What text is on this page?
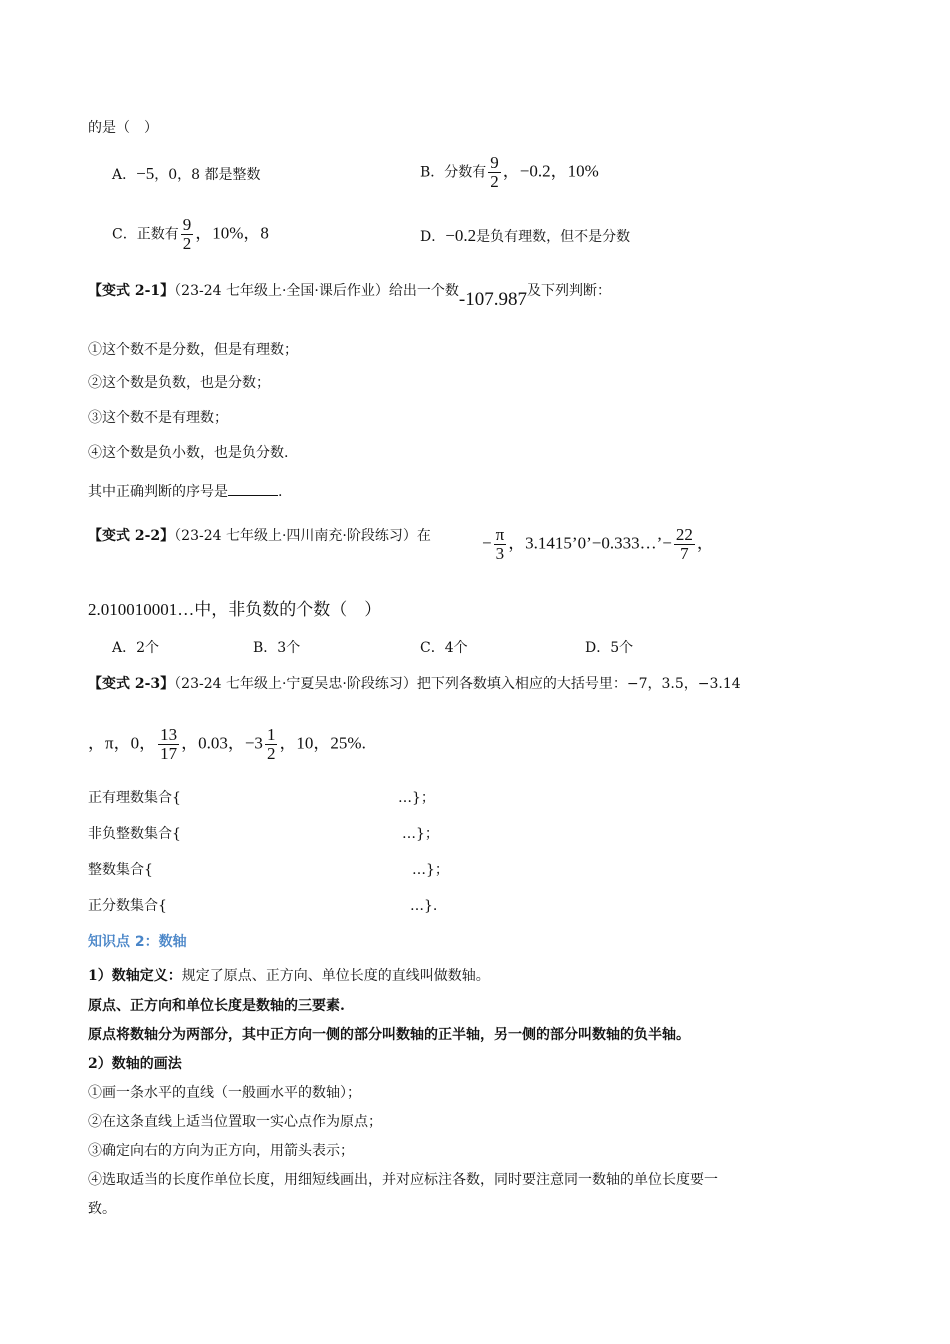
的是（　）
A．−5，0，8 都是整数	B．分数有 $\frac{9}{2}$ ，−0.2，10%
C．正数有 $\frac{9}{2}$ ，10%，8	D．−0.2是负有理数，但不是分数
【变式 2-1】（23-24 七年级上·全国·课后作业）给出一个数-107.987及下列判断：
①这个数不是分数，但是有理数；
②这个数是负数，也是分数；
③这个数不是有理数；
④这个数是负小数，也是负分数.
其中正确判断的序号是	.
【变式 2-2】（23-24 七年级上·四川南充·阶段练习）在	− $\frac{\pi}{3}$ ，3.1415’0’−0.333…’− $\frac{22}{7}$ ，
2.010010001…中，非负数的个数（　）
A．2个	B．3个	C．4个	D．5个
【变式 2-3】（23-24 七年级上·宁夏吴忠·阶段练习）把下列各数填入相应的大括号里：−7，3.5，−3.14
，π，0， $\frac{13}{17}$ ，0.03，$-3 \frac{1}{2}$ ，10，25%.
正有理数集合{	…}；
非负整数集合{	…}；
整数集合{	…}；
正分数集合{	…}.
知识点 2：数轴
1）数轴定义：规定了原点、正方向、单位长度的直线叫做数轴。
原点、正方向和单位长度是数轴的三要素.
原点将数轴分为两部分，其中正方向一侧的部分叫数轴的正半轴，另一侧的部分叫数轴的负半轴。
2）数轴的画法
①画一条水平的直线（一般画水平的数轴）；
②在这条直线上适当位置取一实心点作为原点；
③确定向右的方向为正方向，用箭头表示；
④选取适当的长度作单位长度，用细短线画出，并对应标注各数，同时要注意同一数轴的单位长度要一
致。
